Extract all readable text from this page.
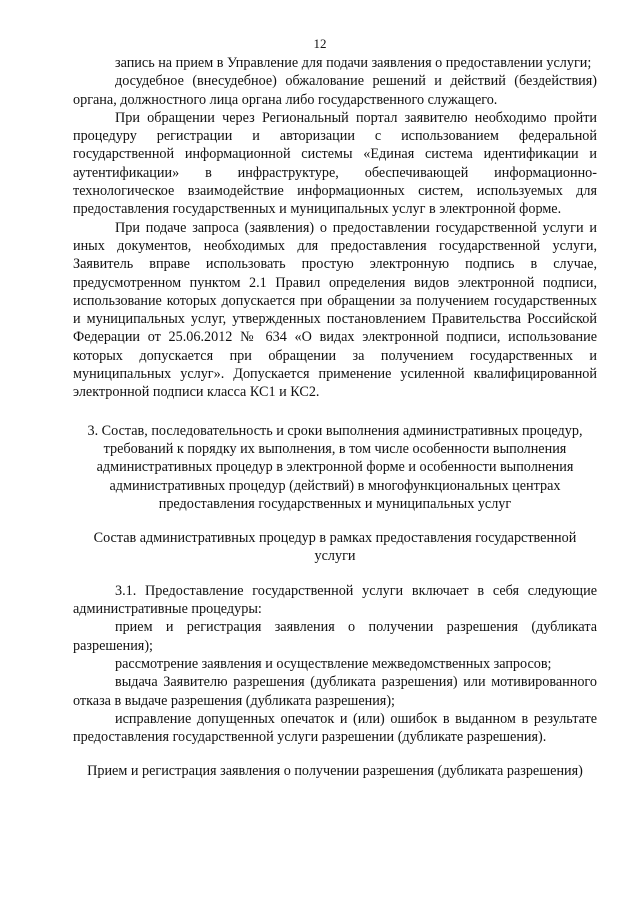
12

запись на прием в Управление для подачи заявления о предоставлении услуги;

досудебное (внесудебное) обжалование решений и действий (бездействия) органа, должностного лица органа либо государственного служащего.

При обращении через Региональный портал заявителю необходимо пройти процедуру регистрации и авторизации с использованием федеральной государственной информационной системы «Единая система идентификации и аутентификации» в инфраструктуре, обеспечивающей информационно-технологическое взаимодействие информационных систем, используемых для предоставления государственных и муниципальных услуг в электронной форме.

При подаче запроса (заявления) о предоставлении государственной услуги и иных документов, необходимых для предоставления государственной услуги, Заявитель вправе использовать простую электронную подпись в случае, предусмотренном пунктом 2.1 Правил определения видов электронной подписи, использование которых допускается при обращении за получением государственных и муниципальных услуг, утвержденных постановлением Правительства Российской Федерации от 25.06.2012 № 634 «О видах электронной подписи, использование которых допускается при обращении за получением государственных и муниципальных услуг». Допускается применение усиленной квалифицированной электронной подписи класса КС1 и КС2.

3. Состав, последовательность и сроки выполнения административных процедур, требований к порядку их выполнения, в том числе особенности выполнения административных процедур в электронной форме и особенности выполнения административных процедур (действий) в многофункциональных центрах предоставления государственных и муниципальных услуг

Состав административных процедур в рамках предоставления государственной услуги

3.1. Предоставление государственной услуги включает в себя следующие административные процедуры:

прием и регистрация заявления о получении разрешения (дубликата разрешения);

рассмотрение заявления и осуществление межведомственных запросов;

выдача Заявителю разрешения (дубликата разрешения) или мотивированного отказа в выдаче разрешения (дубликата разрешения);

исправление допущенных опечаток и (или) ошибок в выданном в результате предоставления государственной услуги разрешении (дубликате разрешения).

Прием и регистрация заявления о получении разрешения (дубликата разрешения)
